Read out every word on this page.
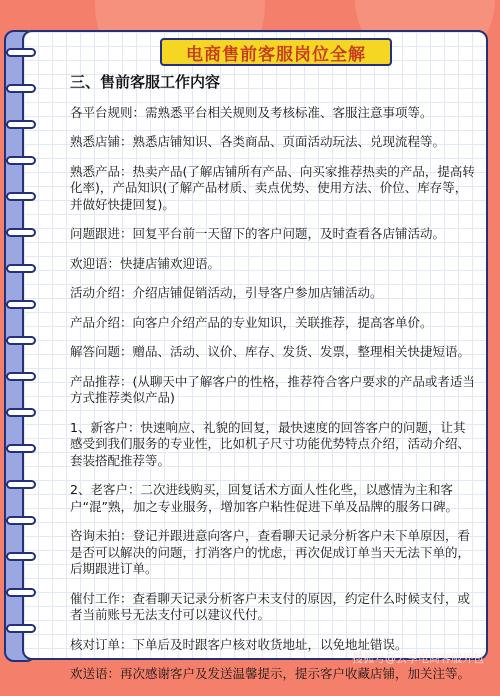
电商售前客服岗位全解
三、售前客服工作内容
各平台规则：需熟悉平台相关规则及考核标准、客服注意事项等。
熟悉店铺：熟悉店铺知识、各类商品、页面活动玩法、兑现流程等。
熟悉产品：热卖产品(了解店铺所有产品、向买家推荐热卖的产品，提高转化率)，产品知识(了解产品材质、卖点优势、使用方法、价位、库存等，并做好快捷回复)。
问题跟进：回复平台前一天留下的客户问题，及时查看各店铺活动。
欢迎语：快捷店铺欢迎语。
活动介绍：介绍店铺促销活动，引导客户参加店铺活动。
产品介绍：向客户介绍产品的专业知识，关联推荐，提高客单价。
解答问题：赠品、活动、议价、库存、发货、发票，整理相关快捷短语。
产品推荐：(从聊天中了解客户的性格，推荐符合客户要求的产品或者适当方式推荐类似产品)
1、新客户：快速响应、礼貌的回复，最快速度的回答客户的问题，让其感受到我们服务的专业性，比如机子尺寸功能优势特点介绍，活动介绍、套装搭配推荐等。
2、老客户：二次进线购买，回复话术方面人性化些，以感情为主和客户“混”熟，加之专业服务，增加客户粘性促进下单及品牌的服务口碑。
咨询未拍：登记并跟进意向客户，查看聊天记录分析客户未下单原因，看是否可以解决的问题，打消客户的忧虑，再次促成订单当天无法下单的，后期跟进订单。
催付工作：查看聊天记录分析客户未支付的原因，约定什么时候支付，或者当前账号无法支付可以建议代付。
核对订单：下单后及时跟客户核对收货地址，以免地址错误。
欢送语：再次感谢客户及发送温馨提示，提示客户收藏店铺，加关注等。
搜狐号@云享电商客服外包
